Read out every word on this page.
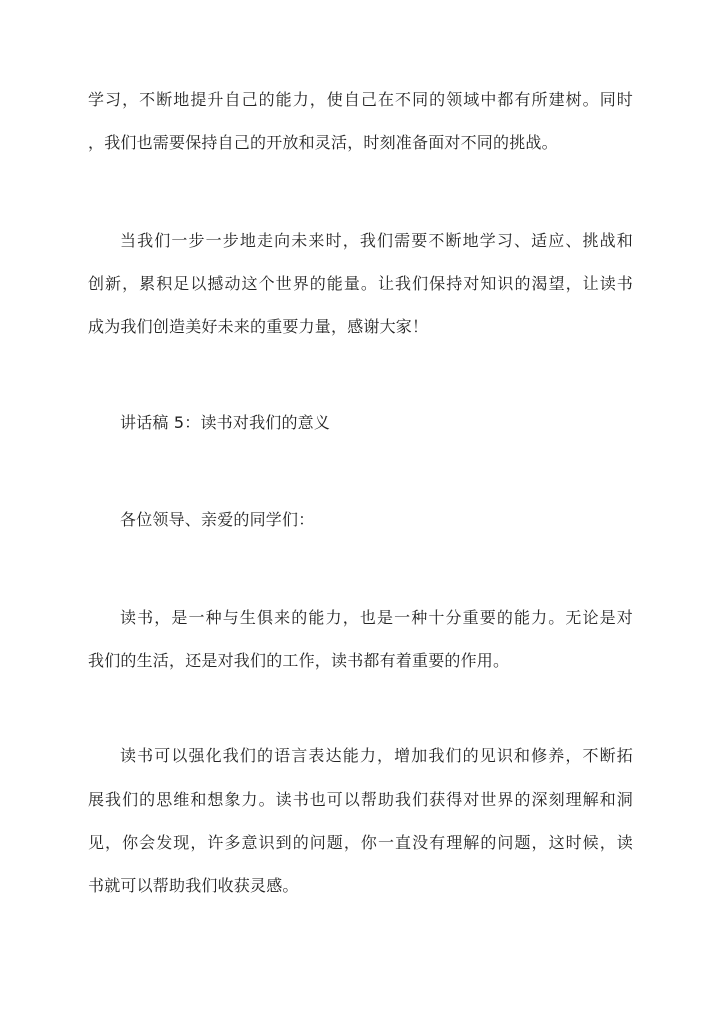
学习，不断地提升自己的能力，使自己在不同的领域中都有所建树。同时
，我们也需要保持自己的开放和灵活，时刻准备面对不同的挑战。
当我们一步一步地走向未来时，我们需要不断地学习、适应、挑战和
创新，累积足以撼动这个世界的能量。让我们保持对知识的渴望，让读书
成为我们创造美好未来的重要力量，感谢大家！
讲话稿 5：读书对我们的意义
各位领导、亲爱的同学们：
读书，是一种与生俱来的能力，也是一种十分重要的能力。无论是对
我们的生活，还是对我们的工作，读书都有着重要的作用。
读书可以强化我们的语言表达能力，增加我们的见识和修养，不断拓
展我们的思维和想象力。读书也可以帮助我们获得对世界的深刻理解和洞
见，你会发现，许多意识到的问题，你一直没有理解的问题，这时候，读
书就可以帮助我们收获灵感。
